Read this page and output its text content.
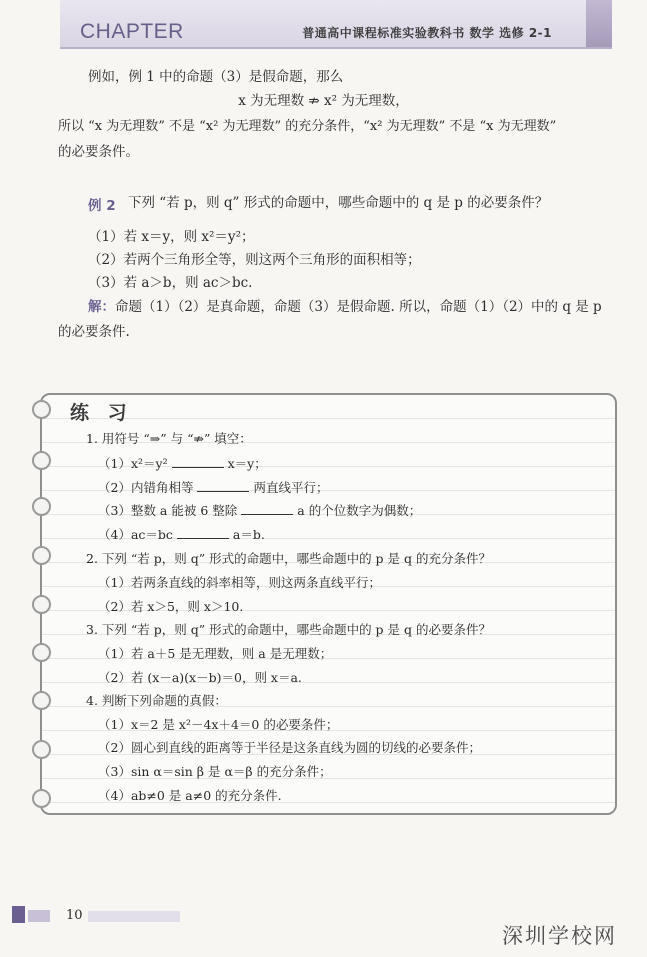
CHAPTER	普通高中课程标准实验教科书 数学 选修 2-1
例如，例 1 中的命题（3）是假命题，那么
x 为无理数 ⇏ x² 为无理数，
所以 “x 为无理数” 不是 “x² 为无理数” 的充分条件，“x² 为无理数” 不是 “x 为无理数”
的必要条件。
例 2 下列 “若 p，则 q” 形式的命题中，哪些命题中的 q 是 p 的必要条件？
（1）若 x＝y，则 x²＝y²；
（2）若两个三角形全等，则这两个三角形的面积相等；
（3）若 a＞b，则 ac＞bc.
解：命题（1）（2）是真命题，命题（3）是假命题. 所以，命题（1）（2）中的 q 是 p
的必要条件.
练 习
1. 用符号 “⇒” 与 “⇏” 填空：
（1）x²＝y²	x＝y；
（2）内错角相等	两直线平行；
（3）整数 a 能被 6 整除	a 的个位数字为偶数；
（4）ac＝bc	a＝b.
2. 下列 “若 p，则 q” 形式的命题中，哪些命题中的 p 是 q 的充分条件？
（1）若两条直线的斜率相等，则这两条直线平行；
（2）若 x＞5，则 x＞10.
3. 下列 “若 p，则 q” 形式的命题中，哪些命题中的 p 是 q 的必要条件？
（1）若 a＋5 是无理数，则 a 是无理数；
（2）若 (x－a)(x－b)＝0，则 x＝a.
4. 判断下列命题的真假：
（1）x＝2 是 x²－4x＋4＝0 的必要条件；
（2）圆心到直线的距离等于半径是这条直线为圆的切线的必要条件；
（3）sin α＝sin β 是 α＝β 的充分条件；
（4）ab≠0 是 a≠0 的充分条件.
10
深圳学校网
